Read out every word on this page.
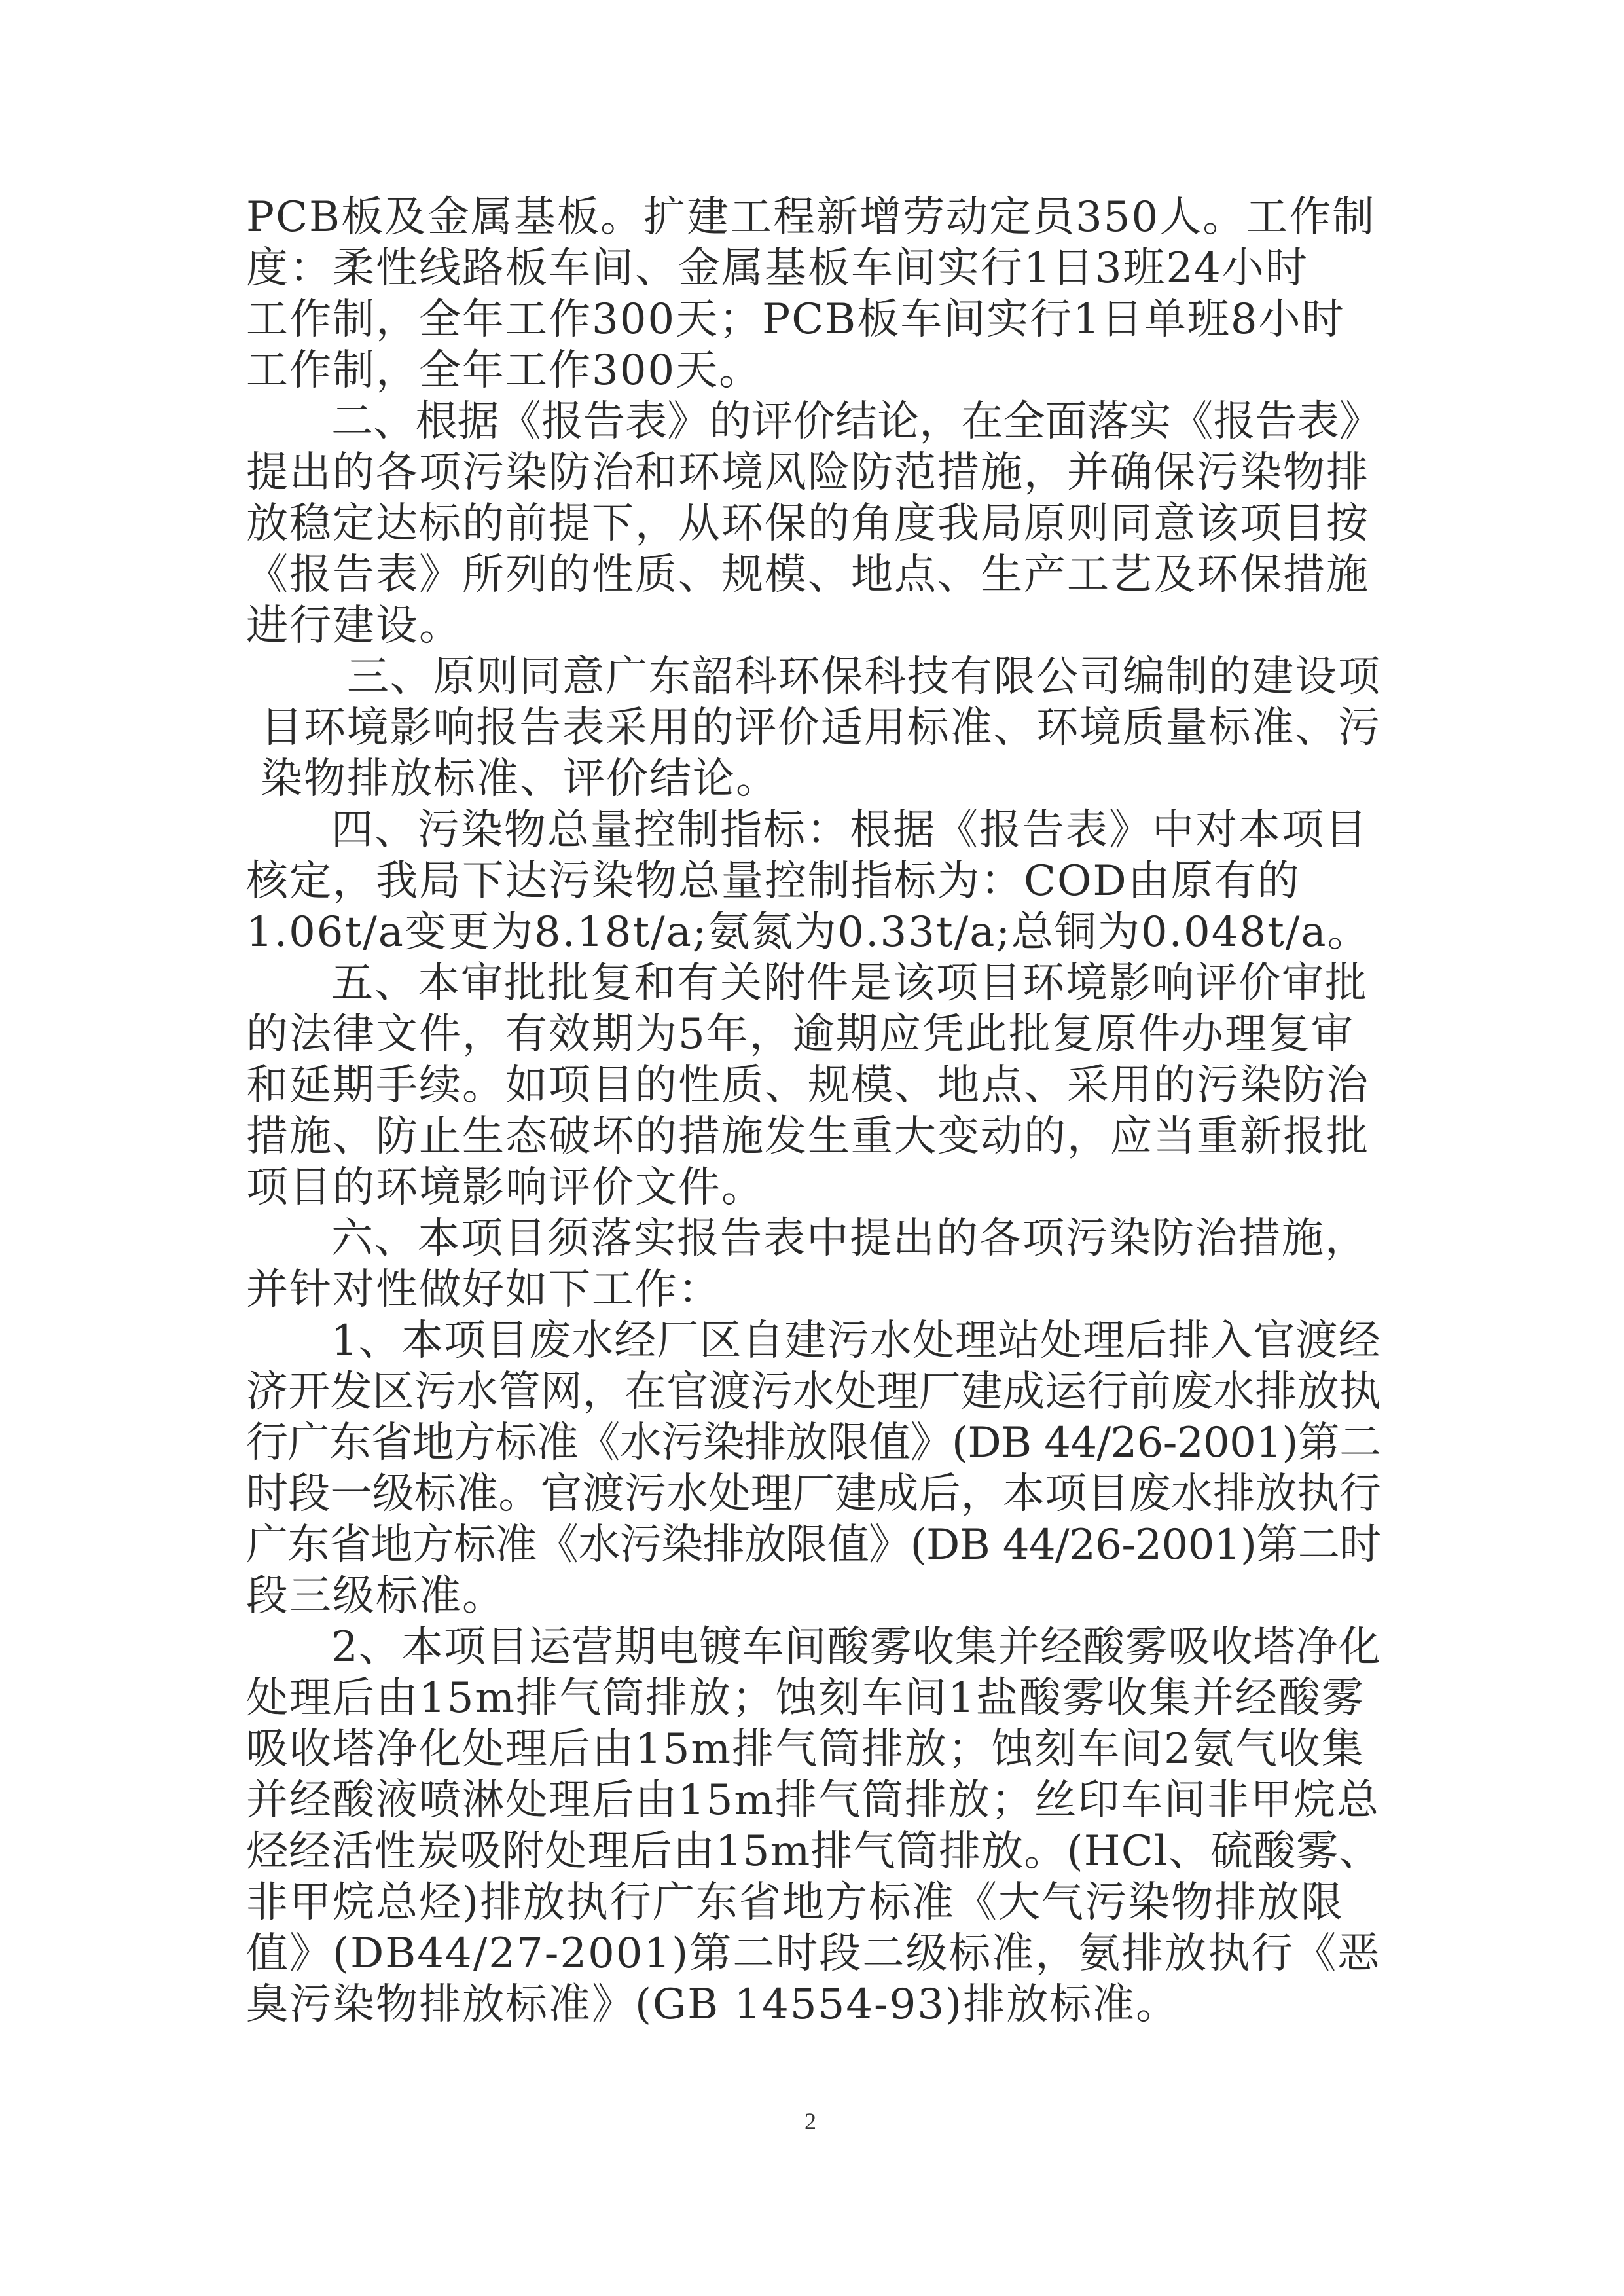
PCB板及金属基板。扩建工程新增劳动定员350人。工作制

度：柔性线路板车间、金属基板车间实行1日3班24小时

工作制，全年工作300天；PCB板车间实行1日单班8小时

工作制，全年工作300天。

二、根据《报告表》的评价结论，在全面落实《报告表》

提出的各项污染防治和环境风险防范措施，并确保污染物排

放稳定达标的前提下，从环保的角度我局原则同意该项目按

《报告表》所列的性质、规模、地点、生产工艺及环保措施

进行建设。

三、原则同意广东韶科环保科技有限公司编制的建设项

目环境影响报告表采用的评价适用标准、环境质量标准、污

染物排放标准、评价结论。

四、污染物总量控制指标：根据《报告表》中对本项目

核定，我局下达污染物总量控制指标为：COD由原有的

1.06t/a变更为8.18t/a;氨氮为0.33t/a;总铜为0.048t/a。

五、本审批批复和有关附件是该项目环境影响评价审批

的法律文件，有效期为5年，逾期应凭此批复原件办理复审

和延期手续。如项目的性质、规模、地点、采用的污染防治

措施、防止生态破坏的措施发生重大变动的，应当重新报批

项目的环境影响评价文件。

六、本项目须落实报告表中提出的各项污染防治措施，

并针对性做好如下工作：

1、本项目废水经厂区自建污水处理站处理后排入官渡经

济开发区污水管网，在官渡污水处理厂建成运行前废水排放执

行广东省地方标准《水污染排放限值》(DB 44/26-2001)第二

时段一级标准。官渡污水处理厂建成后，本项目废水排放执行

广东省地方标准《水污染排放限值》(DB 44/26-2001)第二时

段三级标准。

2、本项目运营期电镀车间酸雾收集并经酸雾吸收塔净化

处理后由15m排气筒排放；蚀刻车间1盐酸雾收集并经酸雾

吸收塔净化处理后由15m排气筒排放；蚀刻车间2氨气收集

并经酸液喷淋处理后由15m排气筒排放；丝印车间非甲烷总

烃经活性炭吸附处理后由15m排气筒排放。(HCl、硫酸雾、

非甲烷总烃)排放执行广东省地方标准《大气污染物排放限

值》(DB44/27-2001)第二时段二级标准，氨排放执行《恶

臭污染物排放标准》(GB 14554-93)排放标准。

2
